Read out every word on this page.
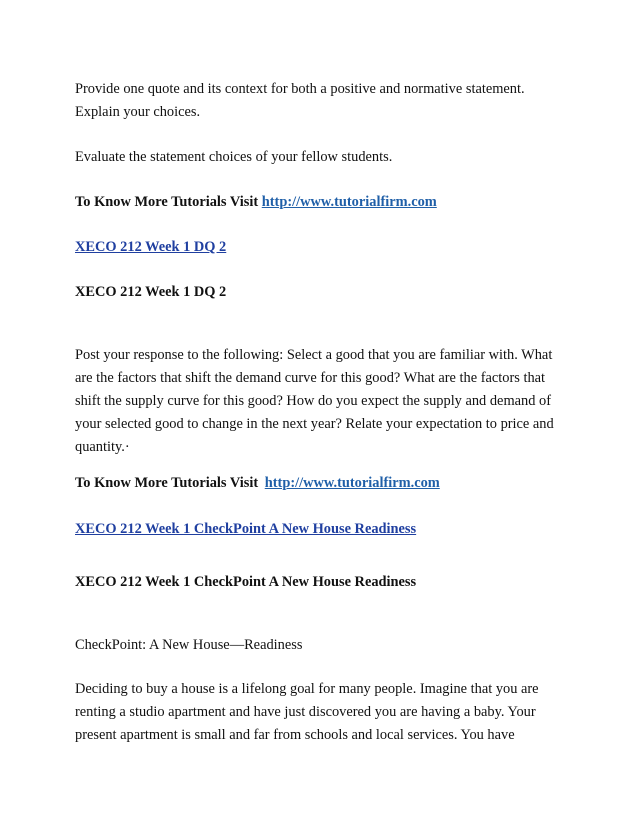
Provide one quote and its context for both a positive and normative statement.
Explain your choices.
Evaluate the statement choices of your fellow students.
To Know More Tutorials Visit http://www.tutorialfirm.com
XECO 212 Week 1 DQ 2
XECO 212 Week 1 DQ 2
Post your response to the following: Select a good that you are familiar with. What
are the factors that shift the demand curve for this good? What are the factors that
shift the supply curve for this good? How do you expect the supply and demand of
your selected good to change in the next year? Relate your expectation to price and
quantity.·
To Know More Tutorials Visit http://www.tutorialfirm.com
XECO 212 Week 1 CheckPoint A New House Readiness
XECO 212 Week 1 CheckPoint A New House Readiness
CheckPoint: A New House—Readiness
Deciding to buy a house is a lifelong goal for many people. Imagine that you are
renting a studio apartment and have just discovered you are having a baby. Your
present apartment is small and far from schools and local services. You have
